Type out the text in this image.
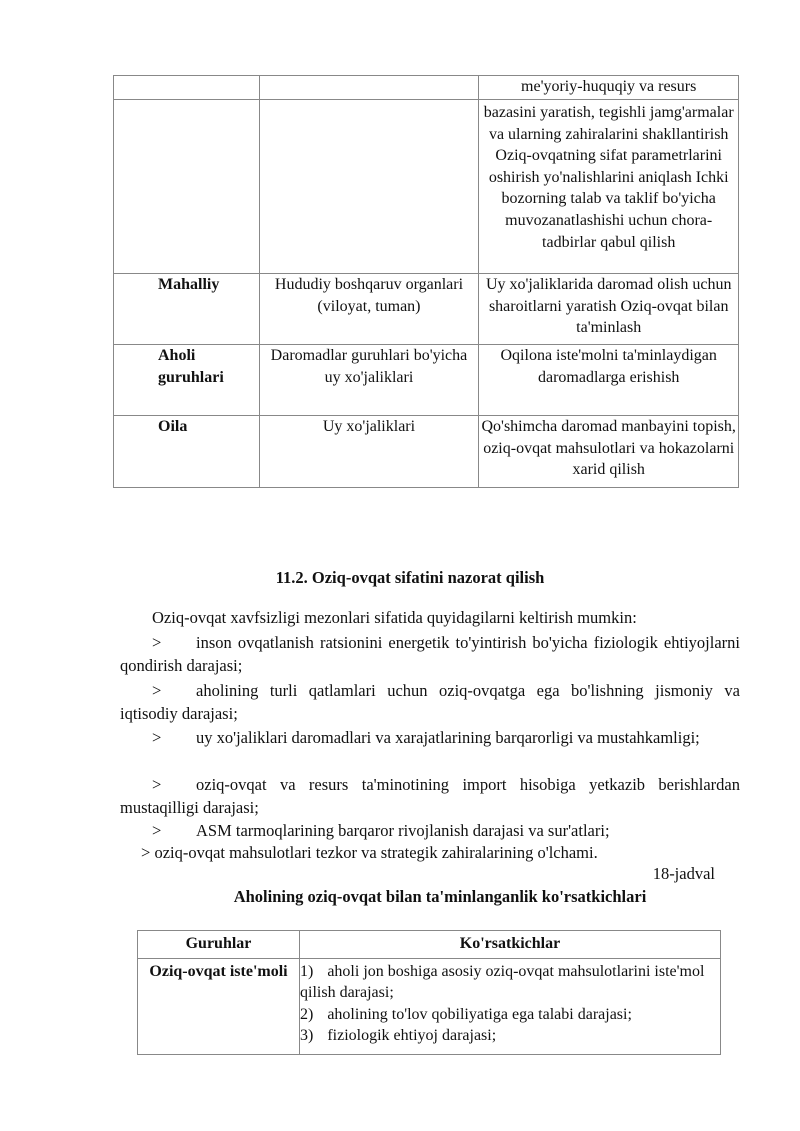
		me'yoriy-huquqiy va resurs
		bazasini yaratish, tegishli jamg'armalar va ularning zahiralarini shakllantirish Oziq-ovqatning sifat parametrlarini oshirish yo'nalishlarini aniqlash Ichki bozorning talab va taklif bo'yicha muvozanatlashishi uchun chora-tadbirlar qabul qilish
Mahalliy	Hududiy boshqaruv organlari (viloyat, tuman)	Uy xo'jaliklarida daromad olish uchun sharoitlarni yaratish Oziq-ovqat bilan ta'minlash
Aholi guruhlari	Daromadlar guruhlari bo'yicha uy xo'jaliklari	Oqilona iste'molni ta'minlaydigan daromadlarga erishish
Oila	Uy xo'jaliklari	Qo'shimcha daromad manbayini topish, oziq-ovqat mahsulotlari va hokazolarni xarid qilish
11.2. Oziq-ovqat sifatini nazorat qilish
Oziq-ovqat xavfsizligi mezonlari sifatida quyidagilarni keltirish mumkin:
> inson ovqatlanish ratsionini energetik to'yintirish bo'yicha fiziologik ehtiyojlarni qondirish darajasi;
> aholining turli qatlamlari uchun oziq-ovqatga ega bo'lishning jismoniy va iqtisodiy darajasi;
> uy xo'jaliklari daromadlari va xarajatlarining barqarorligi va mustahkamligi;
> oziq-ovqat va resurs ta'minotining import hisobiga yetkazib berishlardan mustaqilligi darajasi;
> ASM tarmoqlarining barqaror rivojlanish darajasi va sur'atlari;
> oziq-ovqat mahsulotlari tezkor va strategik zahiralarining o'lchami.
18-jadval
Aholining oziq-ovqat bilan ta'minlanganlik ko'rsatkichlari
Guruhlar	Ko'rsatkichlar
Oziq-ovqat iste'moli	1) aholi jon boshiga asosiy oziq-ovqat mahsulotlarini iste'mol qilish darajasi;
2) aholining to'lov qobiliyatiga ega talabi darajasi;
3) fiziologik ehtiyoj darajasi;
